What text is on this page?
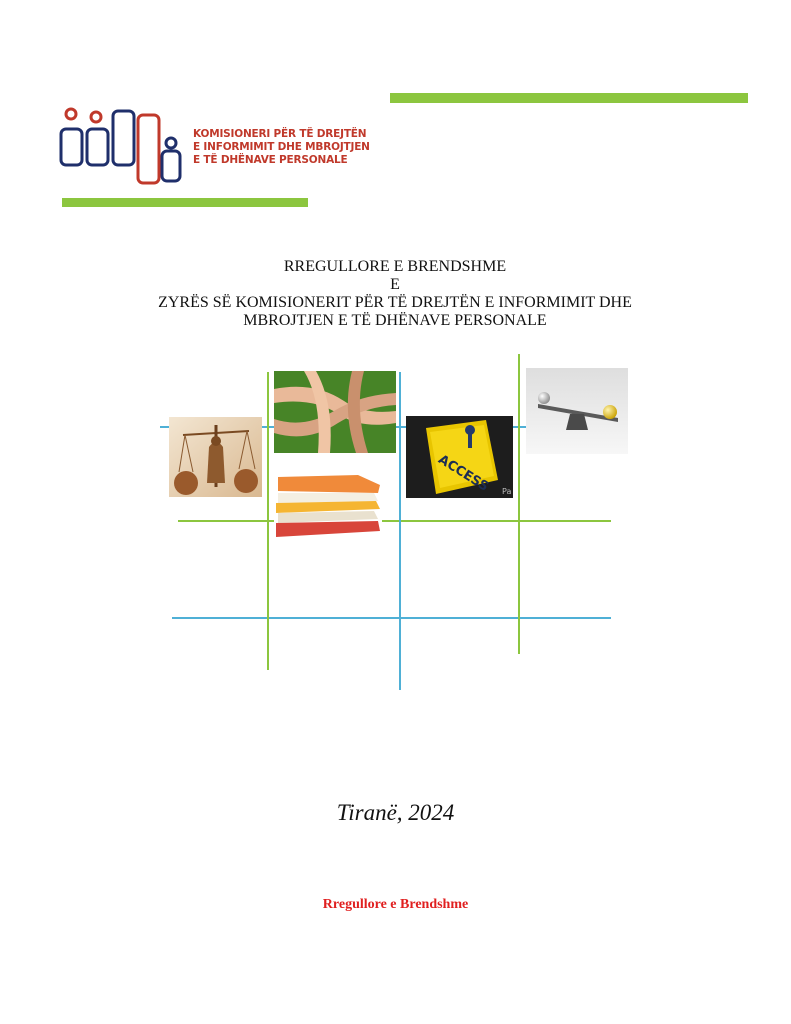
KOMISIONERI PËR TË DREJTËN
E INFORMIMIT DHE MBROJTJEN
E TË DHËNAVE PERSONALE
RREGULLORE E BRENDSHME
E
ZYRËS SË KOMISIONERIT PËR TË DREJTËN E INFORMIMIT DHE
MBROJTJEN E TË DHËNAVE PERSONALE
ACCESS Pa
Tiranë, 2024
Rregullore e Brendshme
